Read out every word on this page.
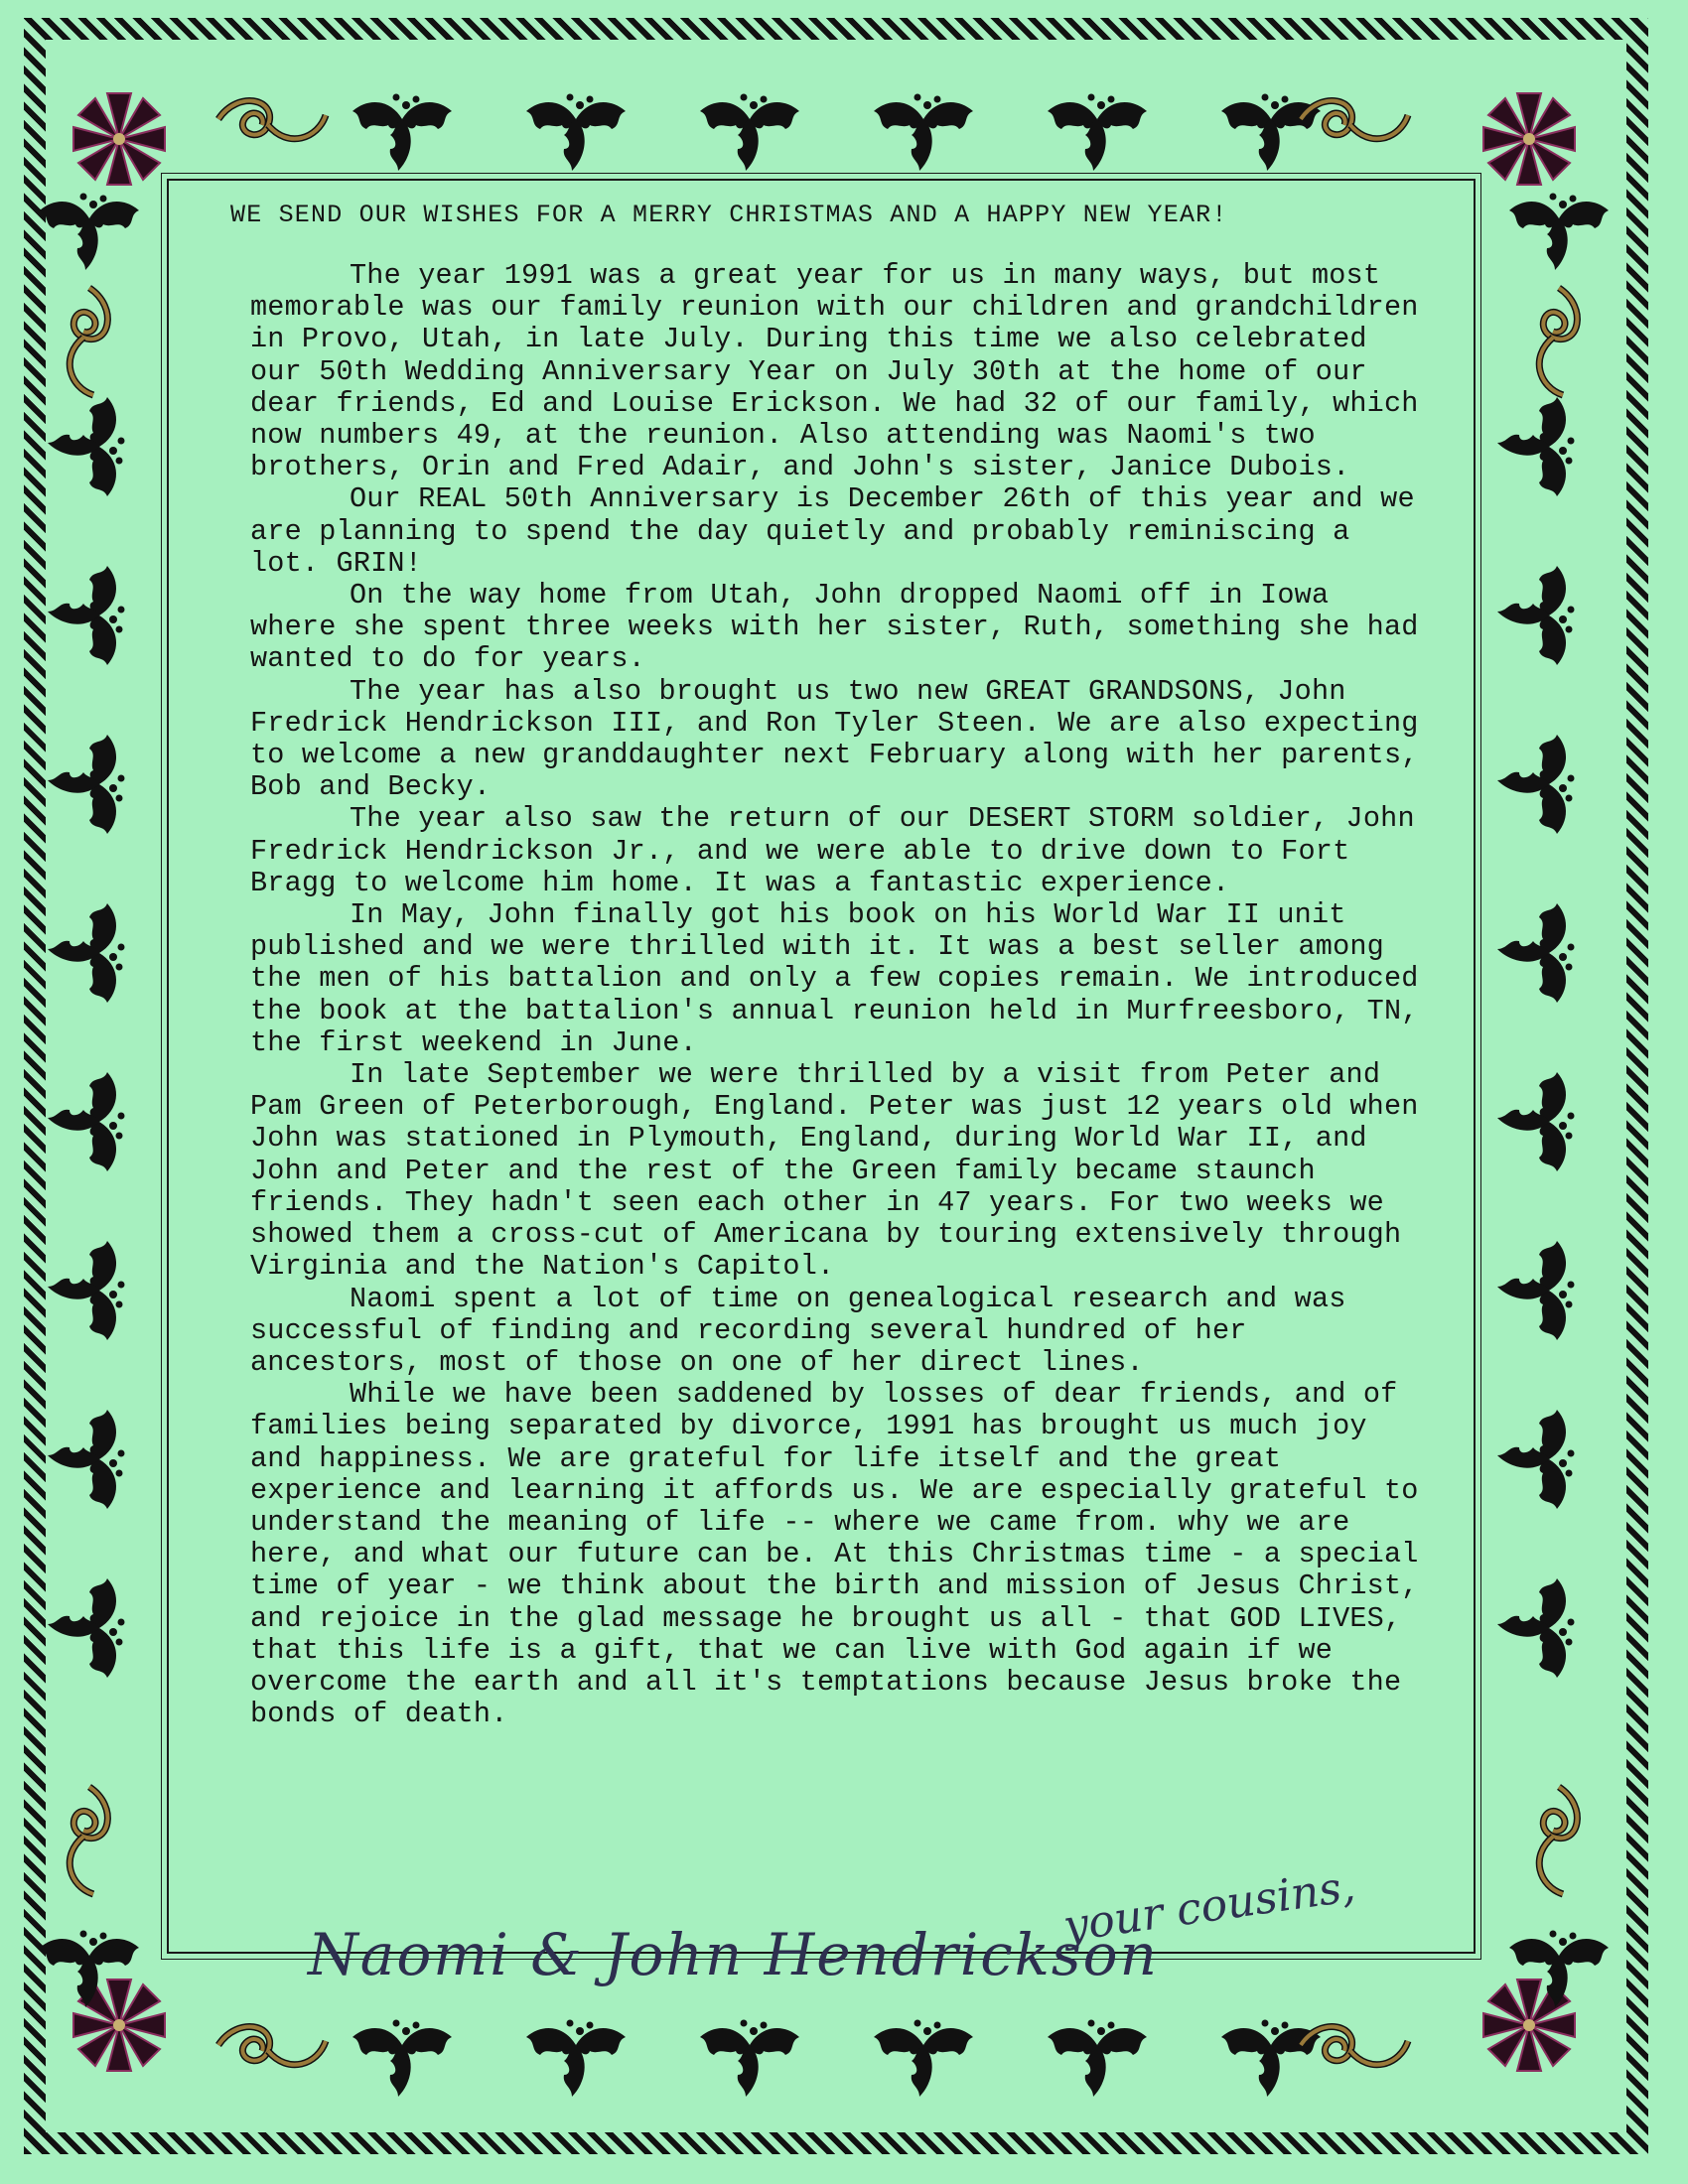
WE SEND OUR WISHES FOR A MERRY CHRISTMAS AND A HAPPY NEW YEAR!

The year 1991 was a great year for us in many ways, but most memorable was our family reunion with our children and grandchildren in Provo, Utah, in late July. During this time we also celebrated our 50th Wedding Anniversary Year on July 30th at the home of our dear friends, Ed and Louise Erickson. We had 32 of our family, which now numbers 49, at the reunion. Also attending was Naomi's two brothers, Orin and Fred Adair, and John's sister, Janice Dubois.

Our REAL 50th Anniversary is December 26th of this year and we are planning to spend the day quietly and probably reminiscing a lot. GRIN!

On the way home from Utah, John dropped Naomi off in Iowa where she spent three weeks with her sister, Ruth, something she had wanted to do for years.

The year has also brought us two new GREAT GRANDSONS, John Fredrick Hendrickson III, and Ron Tyler Steen. We are also expecting to welcome a new granddaughter next February along with her parents, Bob and Becky.

The year also saw the return of our DESERT STORM soldier, John Fredrick Hendrickson Jr., and we were able to drive down to Fort Bragg to welcome him home. It was a fantastic experience.

In May, John finally got his book on his World War II unit published and we were thrilled with it. It was a best seller among the men of his battalion and only a few copies remain. We introduced the book at the battalion's annual reunion held in Murfreesboro, TN, the first weekend in June.

In late September we were thrilled by a visit from Peter and Pam Green of Peterborough, England. Peter was just 12 years old when John was stationed in Plymouth, England, during World War II, and John and Peter and the rest of the Green family became staunch friends. They hadn't seen each other in 47 years. For two weeks we showed them a cross-cut of Americana by touring extensively through Virginia and the Nation's Capitol.

Naomi spent a lot of time on genealogical research and was successful of finding and recording several hundred of her ancestors, most of those on one of her direct lines.

While we have been saddened by losses of dear friends, and of families being separated by divorce, 1991 has brought us much joy and happiness. We are grateful for life itself and the great experience and learning it affords us. We are especially grateful to understand the meaning of life -- where we came from. why we are here, and what our future can be. At this Christmas time - a special time of year - we think about the birth and mission of Jesus Christ, and rejoice in the glad message he brought us all - that GOD LIVES, that this life is a gift, that we can live with God again if we overcome the earth and all it's temptations because Jesus broke the bonds of death.

your cousins,
Naomi & John Hendrickson
